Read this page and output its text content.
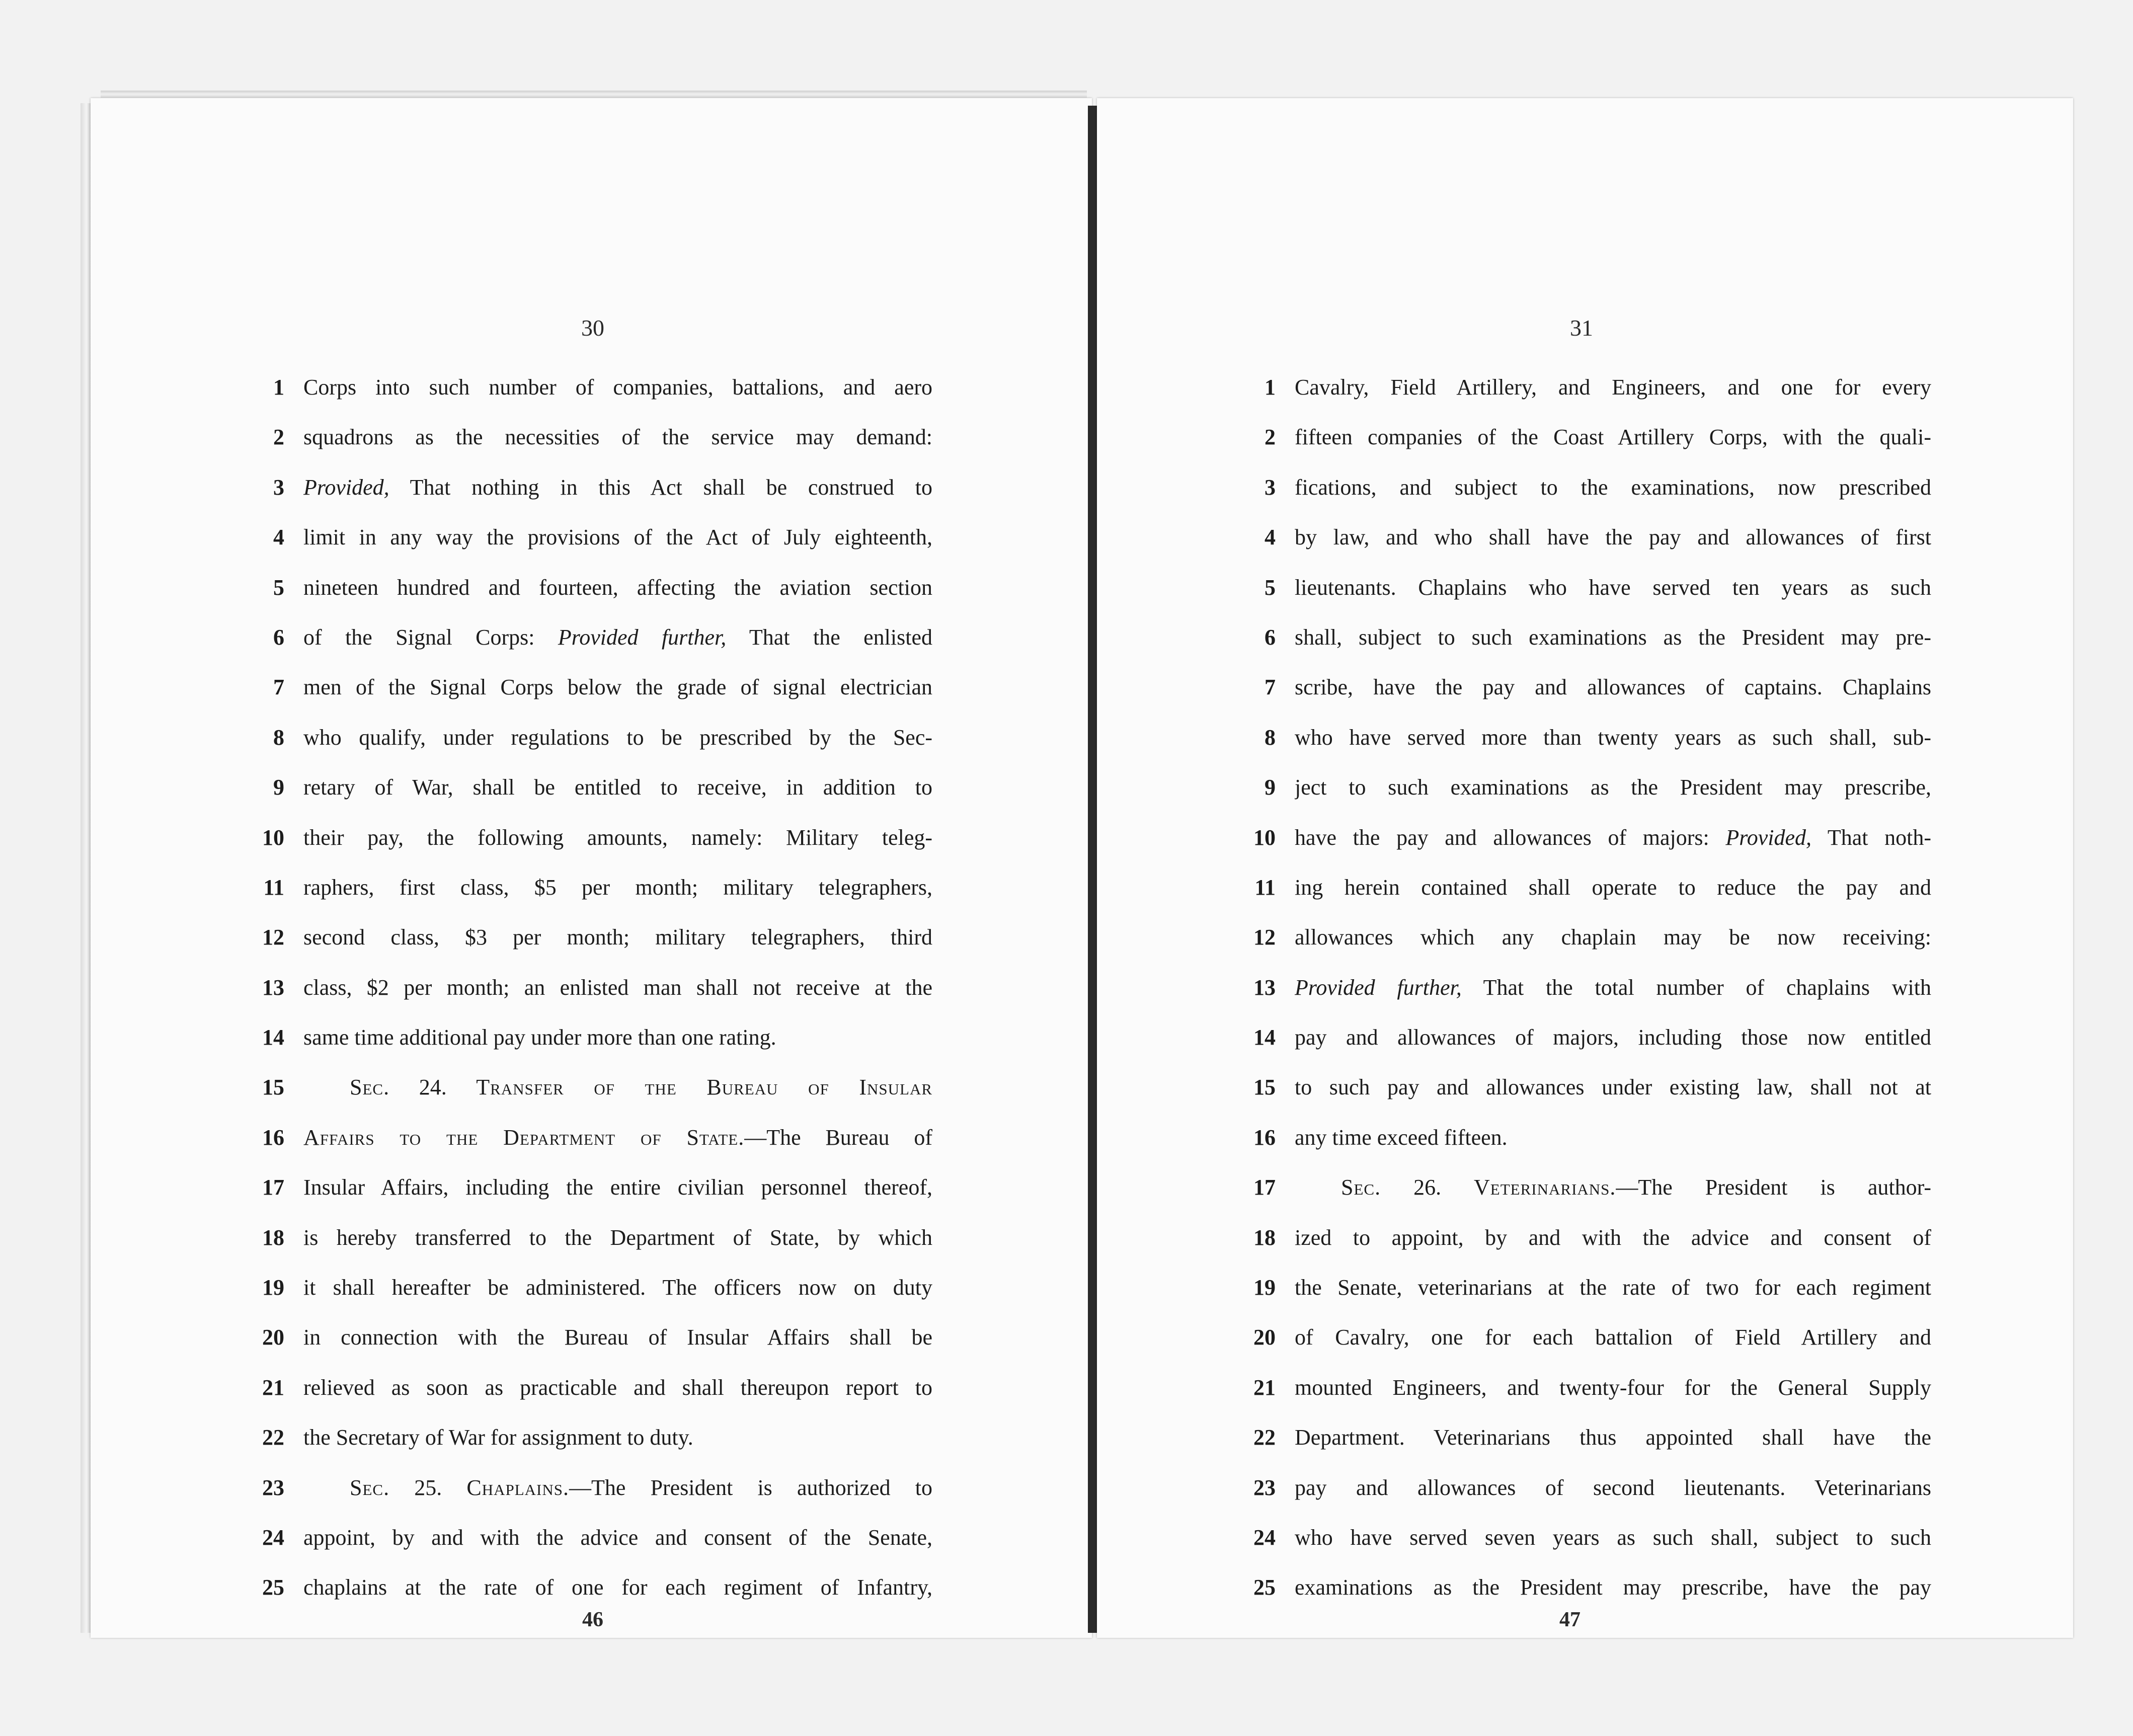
30
1 Corps into such number of companies, battalions, and aero
2 squadrons as the necessities of the service may demand:
3 Provided, That nothing in this Act shall be construed to
4 limit in any way the provisions of the Act of July eighteenth,
5 nineteen hundred and fourteen, affecting the aviation section
6 of the Signal Corps: Provided further, That the enlisted
7 men of the Signal Corps below the grade of signal electrician
8 who qualify, under regulations to be prescribed by the Sec-
9 retary of War, shall be entitled to receive, in addition to
10 their pay, the following amounts, namely: Military teleg-
11 raphers, first class, $5 per month; military telegraphers,
12 second class, $3 per month; military telegraphers, third
13 class, $2 per month; an enlisted man shall not receive at the
14 same time additional pay under more than one rating.
15	Sec. 24. Transfer of the Bureau of Insular
16 Affairs to the Department of State.—The Bureau of
17 Insular Affairs, including the entire civilian personnel thereof,
18 is hereby transferred to the Department of State, by which
19 it shall hereafter be administered. The officers now on duty
20 in connection with the Bureau of Insular Affairs shall be
21 relieved as soon as practicable and shall thereupon report to
22 the Secretary of War for assignment to duty.
23	Sec. 25. Chaplains.—The President is authorized to
24 appoint, by and with the advice and consent of the Senate,
25 chaplains at the rate of one for each regiment of Infantry,
46
31
1 Cavalry, Field Artillery, and Engineers, and one for every
2 fifteen companies of the Coast Artillery Corps, with the quali-
3 fications, and subject to the examinations, now prescribed
4 by law, and who shall have the pay and allowances of first
5 lieutenants. Chaplains who have served ten years as such
6 shall, subject to such examinations as the President may pre-
7 scribe, have the pay and allowances of captains. Chaplains
8 who have served more than twenty years as such shall, sub-
9 ject to such examinations as the President may prescribe,
10 have the pay and allowances of majors: Provided, That noth-
11 ing herein contained shall operate to reduce the pay and
12 allowances which any chaplain may be now receiving:
13 Provided further, That the total number of chaplains with
14 pay and allowances of majors, including those now entitled
15 to such pay and allowances under existing law, shall not at
16 any time exceed fifteen.
17	Sec. 26. Veterinarians.—The President is author-
18 ized to appoint, by and with the advice and consent of
19 the Senate, veterinarians at the rate of two for each regiment
20 of Cavalry, one for each battalion of Field Artillery and
21 mounted Engineers, and twenty-four for the General Supply
22 Department. Veterinarians thus appointed shall have the
23 pay and allowances of second lieutenants. Veterinarians
24 who have served seven years as such shall, subject to such
25 examinations as the President may prescribe, have the pay
47
